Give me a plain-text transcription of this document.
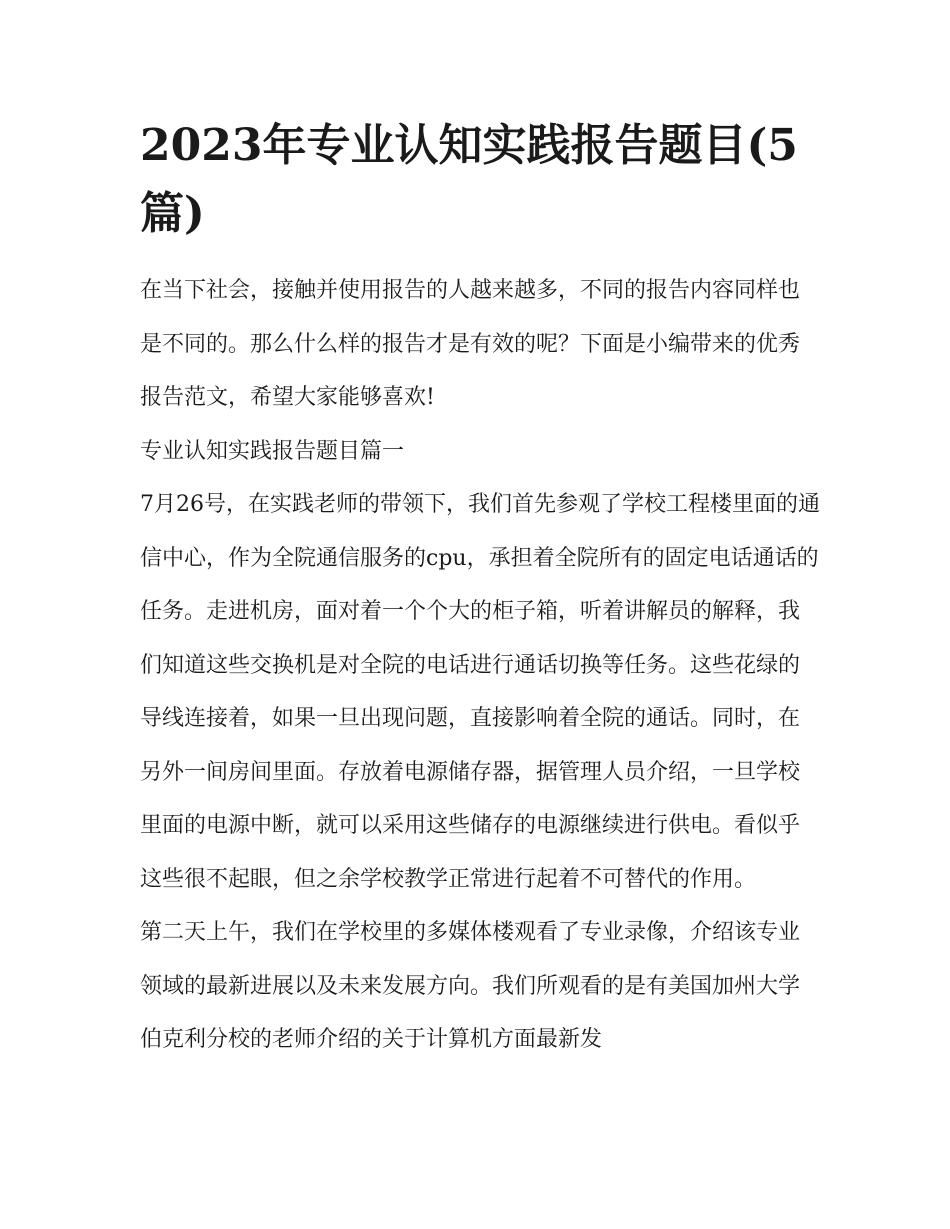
2023年专业认知实践报告题目(5篇)

在当下社会，接触并使用报告的人越来越多，不同的报告内容同样也是不同的。那么什么样的报告才是有效的呢？下面是小编带来的优秀报告范文，希望大家能够喜欢!

专业认知实践报告题目篇一

7月26号，在实践老师的带领下，我们首先参观了学校工程楼里面的通信中心，作为全院通信服务的cpu，承担着全院所有的固定电话通话的任务。走进机房，面对着一个个大的柜子箱，听着讲解员的解释，我们知道这些交换机是对全院的电话进行通话切换等任务。这些花绿的导线连接着，如果一旦出现问题，直接影响着全院的通话。同时，在另外一间房间里面。存放着电源储存器，据管理人员介绍，一旦学校里面的电源中断，就可以采用这些储存的电源继续进行供电。看似乎这些很不起眼，但之余学校教学正常进行起着不可替代的作用。

第二天上午，我们在学校里的多媒体楼观看了专业录像，介绍该专业领域的最新进展以及未来发展方向。我们所观看的是有美国加州大学伯克利分校的老师介绍的关于计算机方面最新发
